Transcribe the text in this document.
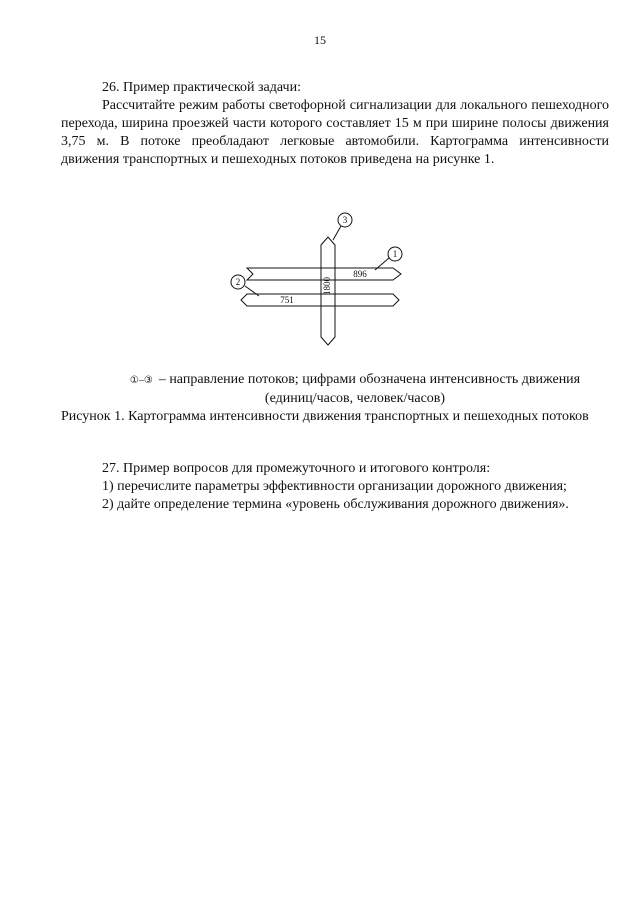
15

26. Пример практической задачи:

Рассчитайте режим работы светофорной сигнализации для локального пешеходного перехода, ширина проезжей части которого составляет 15 м при ширине полосы движения 3,75 м. В потоке преобладают легковые автомобили. Картограмма интенсивности движения транспортных и пешеходных потоков приведена на рисунке 1.

3
1
2
896
751
1800

①–③ – направление потоков; цифрами обозначена интенсивность движения

(единиц/часов, человек/часов)

Рисунок 1. Картограмма интенсивности движения транспортных и пешеходных потоков

27. Пример вопросов для промежуточного и итогового контроля:

1) перечислите параметры эффективности организации дорожного движения;

2) дайте определение термина «уровень обслуживания дорожного движения».
